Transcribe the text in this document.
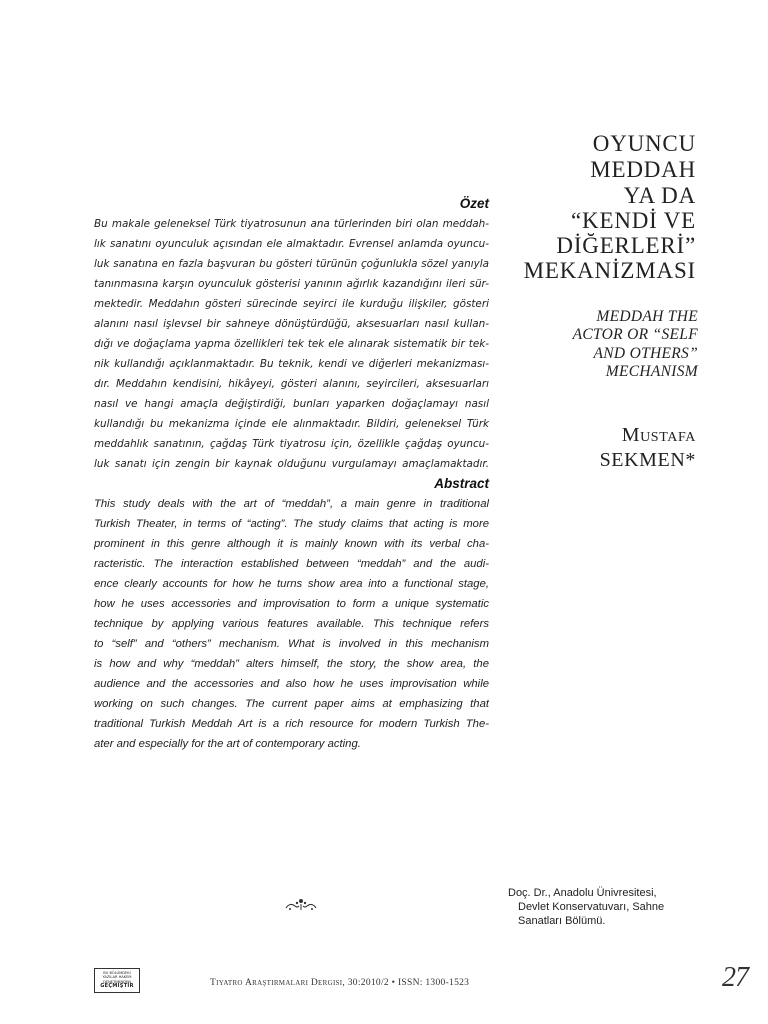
Özet
Bu makale geleneksel Türk tiyatrosunun ana türlerinden biri olan meddah-
lık sanatını oyunculuk açısından ele almaktadır. Evrensel anlamda oyuncu-
luk sanatına en fazla başvuran bu gösteri türünün çoğunlukla sözel yanıyla
tanınmasına karşın oyunculuk gösterisi yanının ağırlık kazandığını ileri sür-
mektedir. Meddahın gösteri sürecinde seyirci ile kurduğu ilişkiler, gösteri
alanını nasıl işlevsel bir sahneye dönüştürdüğü, aksesuarları nasıl kullan-
dığı ve doğaçlama yapma özellikleri tek tek ele alınarak sistematik bir tek-
nik kullandığı açıklanmaktadır. Bu teknik, kendi ve diğerleri mekanizması-
dır. Meddahın kendisini, hikâyeyi, gösteri alanını, seyircileri, aksesuarları
nasıl ve hangi amaçla değiştirdiği, bunları yaparken doğaçlamayı nasıl
kullandığı bu mekanizma içinde ele alınmaktadır. Bildiri, geleneksel Türk
meddahlık sanatının, çağdaş Türk tiyatrosu için, özellikle çağdaş oyuncu-
luk sanatı için zengin bir kaynak olduğunu vurgulamayı amaçlamaktadır.
Abstract
This study deals with the art of “meddah”, a main genre in traditional
Turkish Theater, in terms of “acting”. The study claims that acting is more
prominent in this genre although it is mainly known with its verbal cha-
racteristic. The interaction established between “meddah” and the audi-
ence clearly accounts for how he turns show area into a functional stage,
how he uses accessories and improvisation to form a unique systematic
technique by applying various features available. This technique refers
to “self” and “others” mechanism. What is involved in this mechanism
is how and why “meddah” alters himself, the story, the show area, the
audience and the accessories and also how he uses improvisation while
working on such changes. The current paper aims at emphasizing that
traditional Turkish Meddah Art is a rich resource for modern Turkish The-
ater and especially for the art of contemporary acting.
OYUNCU
MEDDAH
YA DA
“KENDİ VE
DİĞERLERİ”
MEKANİZMASI
MEDDAH THE
ACTOR OR “SELF
AND OTHERS”
MECHANISM
Mustafa
SEKMEN*
Doç. Dr., Anadolu Ünivresitesi,
Devlet Konservatuvarı, Sahne
Sanatları Bölümü.
BU BÖLÜMDEKİ
YAZILAR HAKEM
DENETİMİNDEN
GEÇMİŞTİR	Tiyatro Araştırmaları Dergisi, 30:2010/2 • ISSN: 1300-1523	27
